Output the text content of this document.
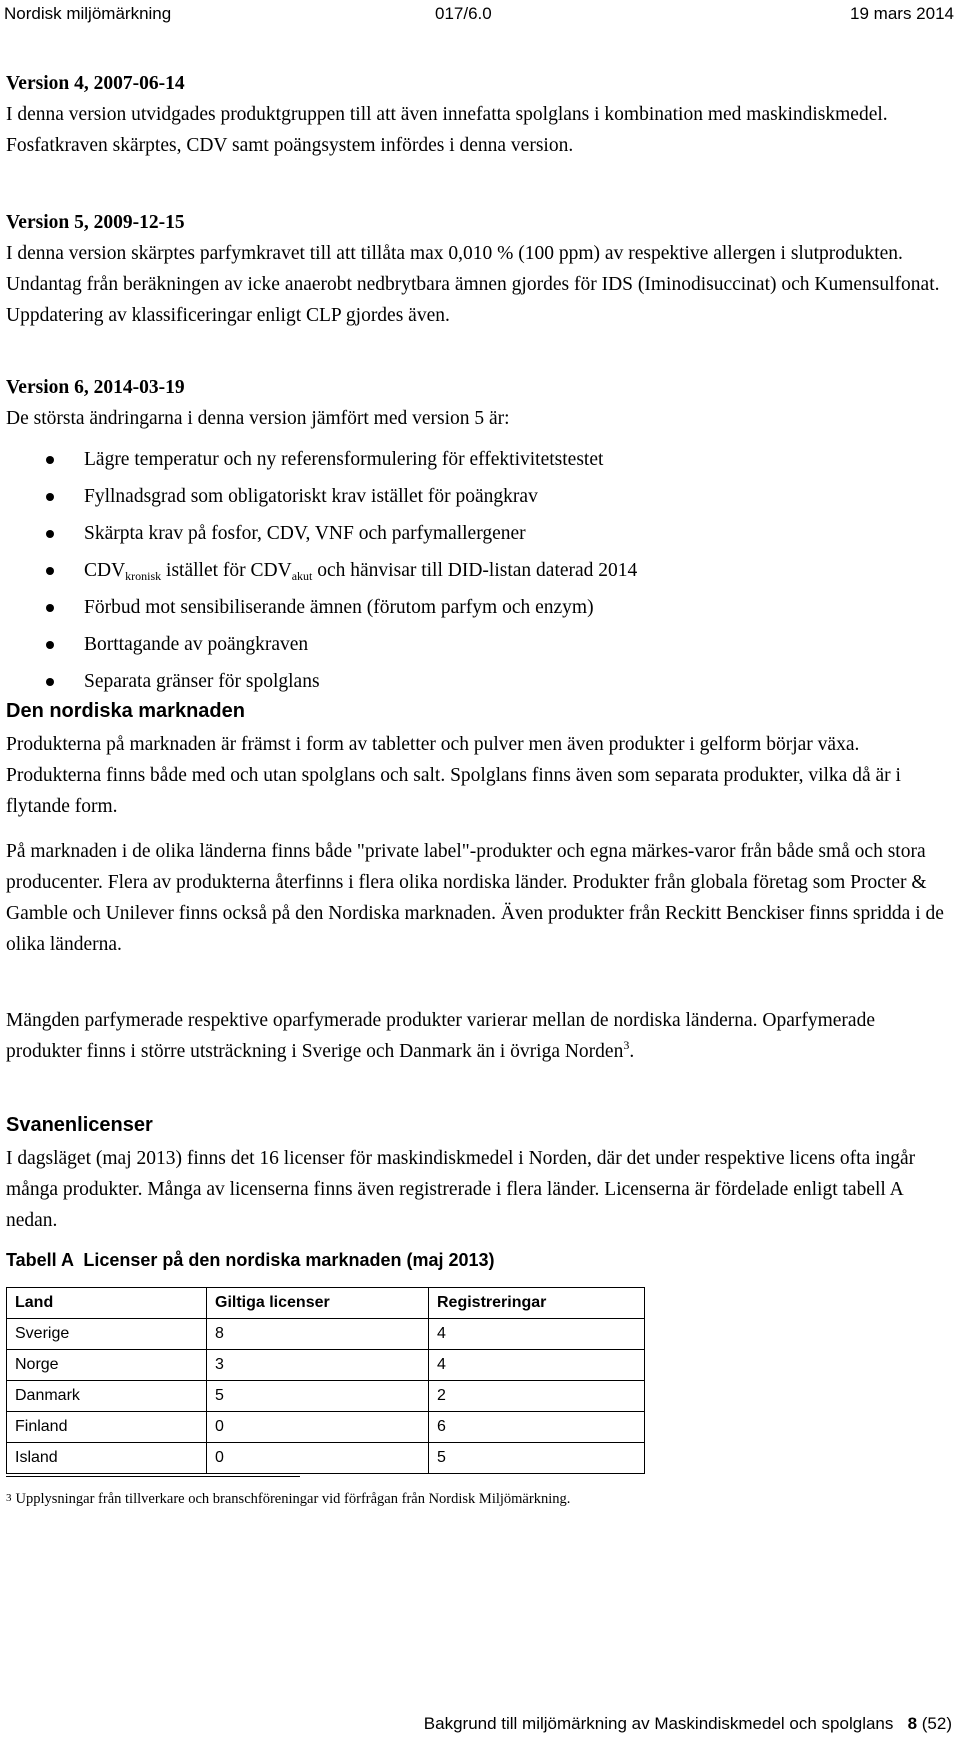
Nordisk miljömärkning	017/6.0	19 mars 2014

Version 4, 2007-06-14

I denna version utvidgades produktgruppen till att även innefatta spolglans i kombination med maskindiskmedel. Fosfatkraven skärptes, CDV samt poängsystem infördes i denna version.

Version 5, 2009-12-15

I denna version skärptes parfymkravet till att tillåta max 0,010 % (100 ppm) av respektive allergen i slutprodukten. Undantag från beräkningen av icke anaerobt nedbrytbara ämnen gjordes för IDS (Iminodisuccinat) och Kumensulfonat. Uppdatering av klassificeringar enligt CLP gjordes även.

Version 6, 2014-03-19

De största ändringarna i denna version jämfört med version 5 är:

Lägre temperatur och ny referensformulering för effektivitetstestet
Fyllnadsgrad som obligatoriskt krav istället för poängkrav
Skärpta krav på fosfor, CDV, VNF och parfymallergener
$CDV_{kronisk}$ istället för $CDV_{akut}$ och hänvisar till DID-listan daterad 2014
Förbud mot sensibiliserande ämnen (förutom parfym och enzym)
Borttagande av poängkraven
Separata gränser för spolglans
Den nordiska marknaden

Produkterna på marknaden är främst i form av tabletter och pulver men även produkter i gelform börjar växa. Produkterna finns både med och utan spolglans och salt. Spolglans finns även som separata produkter, vilka då är i flytande form.

På marknaden i de olika länderna finns både "private label"-produkter och egna märkes-varor från både små och stora producenter. Flera av produkterna återfinns i flera olika nordiska länder. Produkter från globala företag som Procter & Gamble och Unilever finns också på den Nordiska marknaden. Även produkter från Reckitt Benckiser finns spridda i de olika länderna.

Mängden parfymerade respektive oparfymerade produkter varierar mellan de nordiska länderna. Oparfymerade produkter finns i större utsträckning i Sverige och Danmark än i övriga Norden$^3$.

Svanenlicenser

I dagsläget (maj 2013) finns det 16 licenser för maskindiskmedel i Norden, där det under respektive licens ofta ingår många produkter. Många av licenserna finns även registrerade i flera länder. Licenserna är fördelade enligt tabell A nedan.

Tabell A  Licenser på den nordiska marknaden (maj 2013)
Land	Giltiga licenser	Registreringar
Sverige	8	4
Norge	3	4
Danmark	5	2
Finland	0	6
Island	0	5
3 Upplysningar från tillverkare och branschföreningar vid förfrågan från Nordisk Miljömärkning.
Bakgrund till miljömärkning av Maskindiskmedel och spolglans 8 (52)
